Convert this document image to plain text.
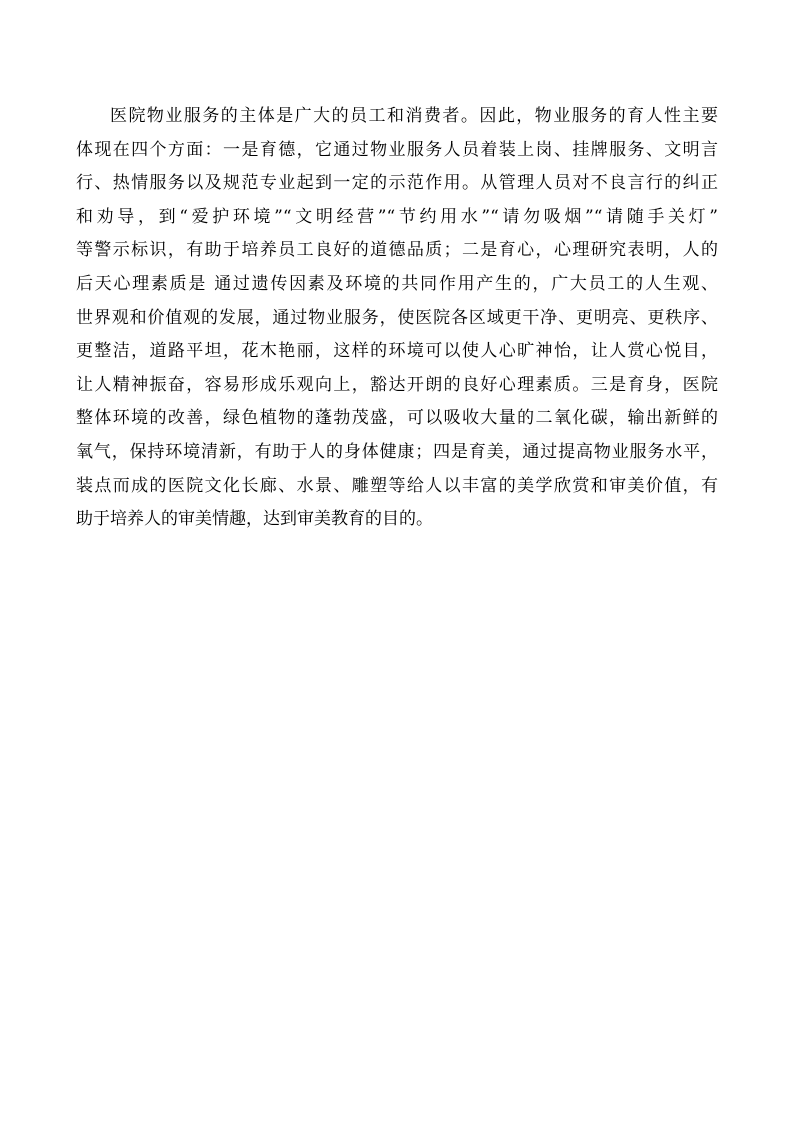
医院物业服务的主体是广大的员工和消费者。因此，物业服务的育人性主要
体现在四个方面：一是育德，它通过物业服务人员着装上岗、挂牌服务、文明言
行、热情服务以及规范专业起到一定的示范作用。从管理人员对不良言行的纠正
和劝导，到“爱护环境”“文明经营”“节约用水”“请勿吸烟”“请随手关灯”
等警示标识，有助于培养员工良好的道德品质；二是育心，心理研究表明，人的
后天心理素质是 通过遗传因素及环境的共同作用产生的，广大员工的人生观、
世界观和价值观的发展，通过物业服务，使医院各区域更干净、更明亮、更秩序、
更整洁，道路平坦，花木艳丽，这样的环境可以使人心旷神怡，让人赏心悦目，
让人精神振奋，容易形成乐观向上，豁达开朗的良好心理素质。三是育身，医院
整体环境的改善，绿色植物的蓬勃茂盛，可以吸收大量的二氧化碳，输出新鲜的
氧气，保持环境清新，有助于人的身体健康；四是育美，通过提高物业服务水平，
装点而成的医院文化长廊、水景、雕塑等给人以丰富的美学欣赏和审美价值，有
助于培养人的审美情趣，达到审美教育的目的。
